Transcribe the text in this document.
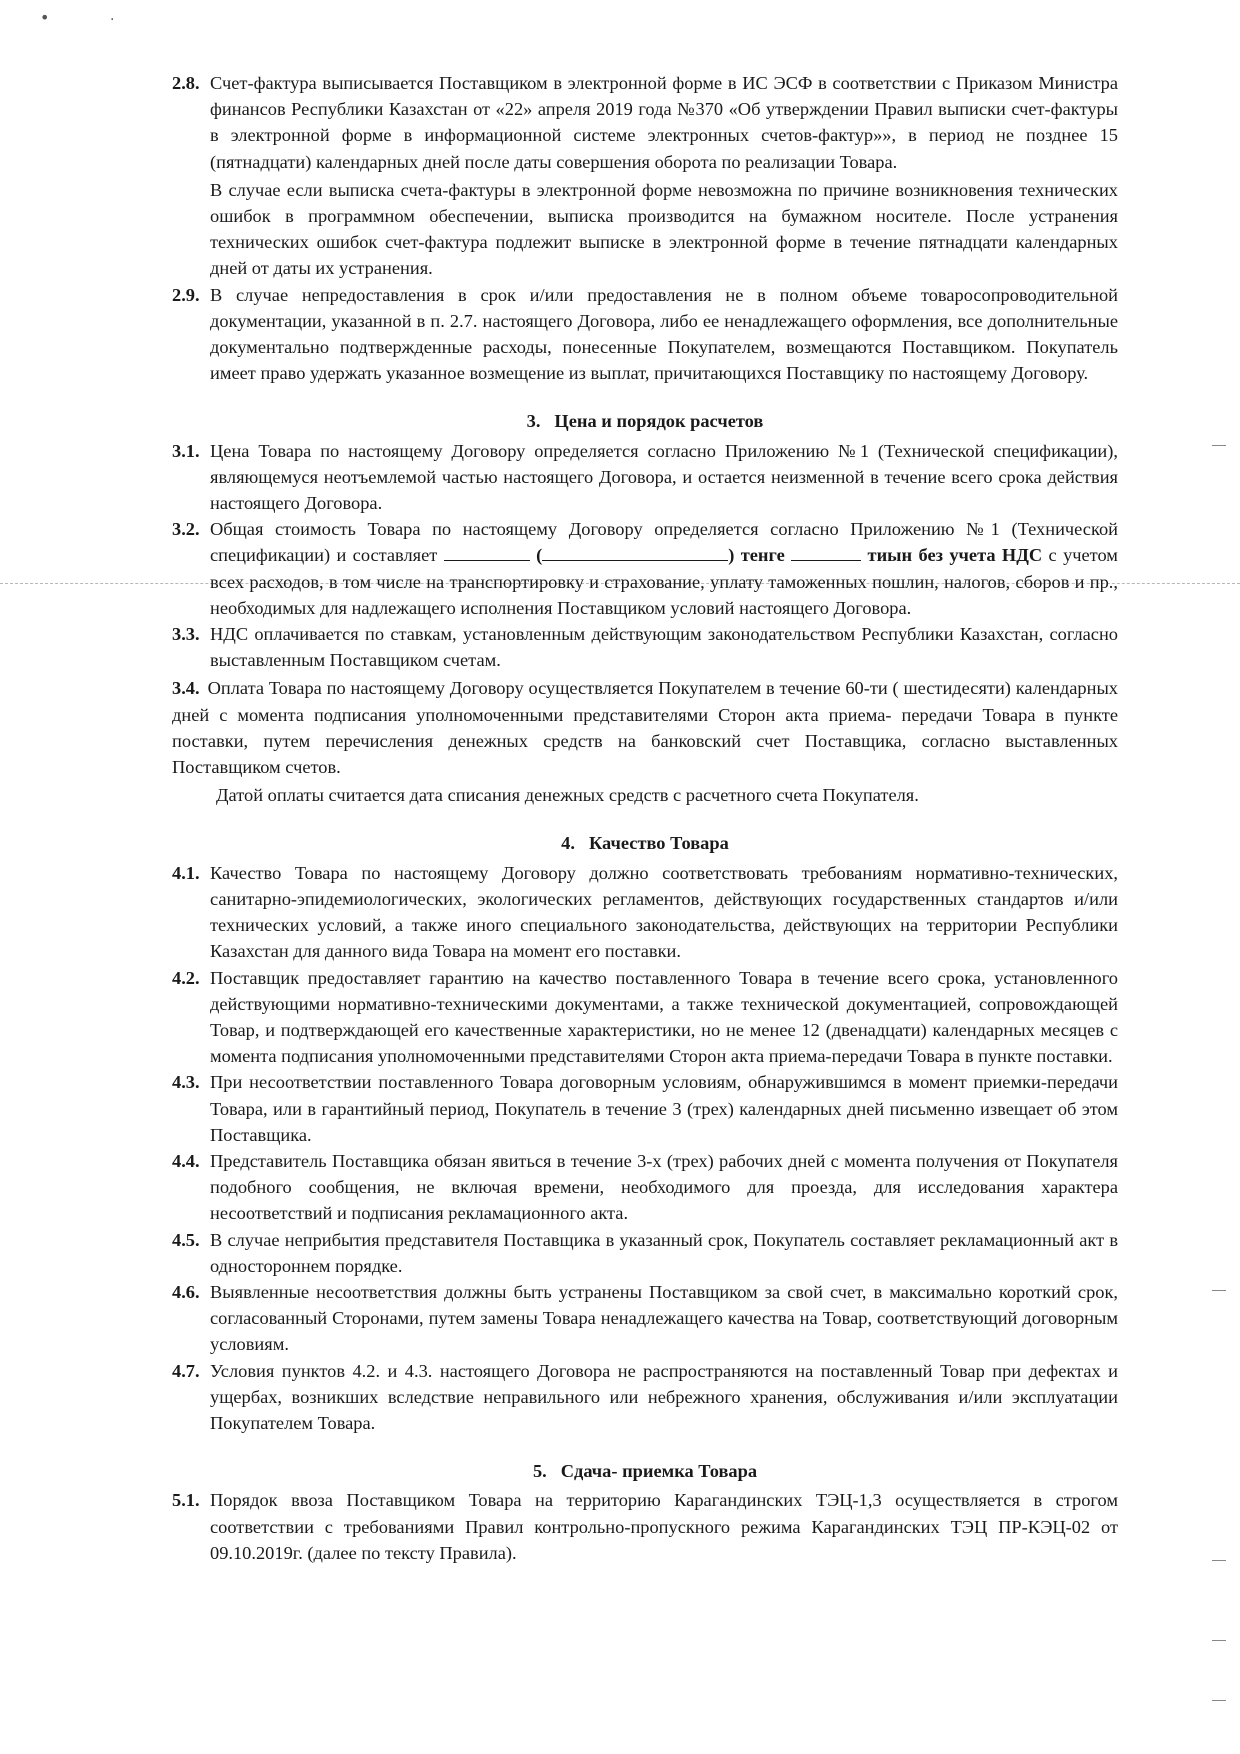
•	·
2.8. Счет-фактура выписывается Поставщиком в электронной форме в ИС ЭСФ в соответствии с Приказом Министра финансов Республики Казахстан от «22» апреля 2019 года №370 «Об утверждении Правил выписки счет-фактуры в электронной форме в информационной системе электронных счетов-фактур»», в период не позднее 15 (пятнадцати) календарных дней после даты совершения оборота по реализации Товара.
В случае если выписка счета-фактуры в электронной форме невозможна по причине возникновения технических ошибок в программном обеспечении, выписка производится на бумажном носителе. После устранения технических ошибок счет-фактура подлежит выписке в электронной форме в течение пятнадцати календарных дней от даты их устранения.
2.9. В случае непредоставления в срок и/или предоставления не в полном объеме товаросопроводительной документации, указанной в п. 2.7. настоящего Договора, либо ее ненадлежащего оформления, все дополнительные документально подтвержденные расходы, понесенные Покупателем, возмещаются Поставщиком. Покупатель имеет право удержать указанное возмещение из выплат, причитающихся Поставщику по настоящему Договору.
3. Цена и порядок расчетов
3.1. Цена Товара по настоящему Договору определяется согласно Приложению №1 (Технической спецификации), являющемуся неотъемлемой частью настоящего Договора, и остается неизменной в течение всего срока действия настоящего Договора.
3.2. Общая стоимость Товара по настоящему Договору определяется согласно Приложению №1 (Технической спецификации) и составляет	(	) тенге	тиын без учета НДС с учетом всех расходов, в том числе на транспортировку и страхование, уплату таможенных пошлин, налогов, сборов и пр., необходимых для надлежащего исполнения Поставщиком условий настоящего Договора.
3.3. НДС оплачивается по ставкам, установленным действующим законодательством Республики Казахстан, согласно выставленным Поставщиком счетам.
3.4. Оплата Товара по настоящему Договору осуществляется Покупателем в течение 60-ти ( шестидесяти) календарных дней с момента подписания уполномоченными представителями Сторон акта приема- передачи Товара в пункте поставки, путем перечисления денежных средств на банковский счет Поставщика, согласно выставленных Поставщиком счетов.
Датой оплаты считается дата списания денежных средств с расчетного счета Покупателя.
4. Качество Товара
4.1. Качество Товара по настоящему Договору должно соответствовать требованиям нормативно-технических, санитарно-эпидемиологических, экологических регламентов, действующих государственных стандартов и/или технических условий, а также иного специального законодательства, действующих на территории Республики Казахстан для данного вида Товара на момент его поставки.
4.2. Поставщик предоставляет гарантию на качество поставленного Товара в течение всего срока, установленного действующими нормативно-техническими документами, а также технической документацией, сопровождающей Товар, и подтверждающей его качественные характеристики, но не менее 12 (двенадцати) календарных месяцев с момента подписания уполномоченными представителями Сторон акта приема-передачи Товара в пункте поставки.
4.3. При несоответствии поставленного Товара договорным условиям, обнаружившимся в момент приемки-передачи Товара, или в гарантийный период, Покупатель в течение 3 (трех) календарных дней письменно извещает об этом Поставщика.
4.4. Представитель Поставщика обязан явиться в течение 3-х (трех) рабочих дней с момента получения от Покупателя подобного сообщения, не включая времени, необходимого для проезда, для исследования характера несоответствий и подписания рекламационного акта.
4.5. В случае неприбытия представителя Поставщика в указанный срок, Покупатель составляет рекламационный акт в одностороннем порядке.
4.6. Выявленные несоответствия должны быть устранены Поставщиком за свой счет, в максимально короткий срок, согласованный Сторонами, путем замены Товара ненадлежащего качества на Товар, соответствующий договорным условиям.
4.7. Условия пунктов 4.2. и 4.3. настоящего Договора не распространяются на поставленный Товар при дефектах и ущербах, возникших вследствие неправильного или небрежного хранения, обслуживания и/или эксплуатации Покупателем Товара.
5. Сдача- приемка Товара
5.1. Порядок ввоза Поставщиком Товара на территорию Карагандинских ТЭЦ-1,3 осуществляется в строгом соответствии с требованиями Правил контрольно-пропускного режима Карагандинских ТЭЦ ПР-КЭЦ-02 от 09.10.2019г. (далее по тексту Правила).
